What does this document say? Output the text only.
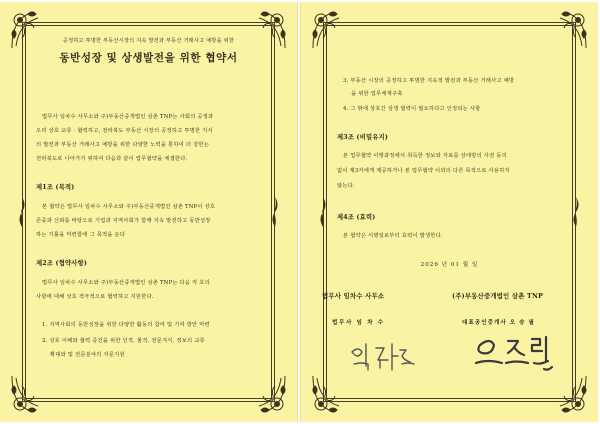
공정하고 투명한 부동산시장의 지속 발전과 부동산 거래사고 예방을 위한
동반성장 및 상생발전을 위한 협약서
법무사 임차수 사무소와 주)부동산중개법인 삼촌 TNP는 사회의 공정과
오리 상호 교류 · 협력하고, 전라북도 부동산 시장의 공정하고 투명한 지식
의 발전과 부동산 거래사고 예방을 위한 다양한 노력을 통하여 더 강한는
전라북도로 나아가기 위하여 다음과 같이 업무협약을 체결한다.
제1조 (목적)
본 협약은 법무사 임차수 사무소와 주)부동산중개법인 삼촌 TNP이 상호
존중과 신뢰를 바탕으로 기업과 지역사회가 함께 지속 발전하고 동반성장
하는 기틀을 마련함에 그 목적을 둔다
제2조 (협약사항)
법무사 임차수 사무소와 주)부동산중개법인 삼촌 TNP는 다음 각 호의
사항에 대해 상호 적극적으로 협력하고 지원한다.
1. 지역사회의 동반성장을 위한 다양한 활동의 참여 및 기여 방안 마련
2. 상호 이해와 협력 증진을 위한 인적, 물적, 전문지식, 정보의 교류
확대와 및 전문분야의 자문지원
3. 부동산 시장의 공정하고 투명한 지속적 발전과 부동산 거래사고 예방
을 위한 업무체계구축
4. 그 밖에 상호간 상생 협력이 필요하다고 인정되는 사항
제3조 (비밀유지)
본 업무협약 이행과정에서 취득한 정보와 자료를 상대방의 사전 동의
없이 제3자에게 제공하거나 본 업무협약 이외의 다른 목적으로 사용하지
않는다.
제4조 (효력)
본 협약은 서명일로부터 효력이 발생한다.
2026 년 01 월 일
법무사 임차수 사무소	(주)부동산중개법인 삼촌 TNP
법무사 임 차 수	대표공인중개사 오 승 필
